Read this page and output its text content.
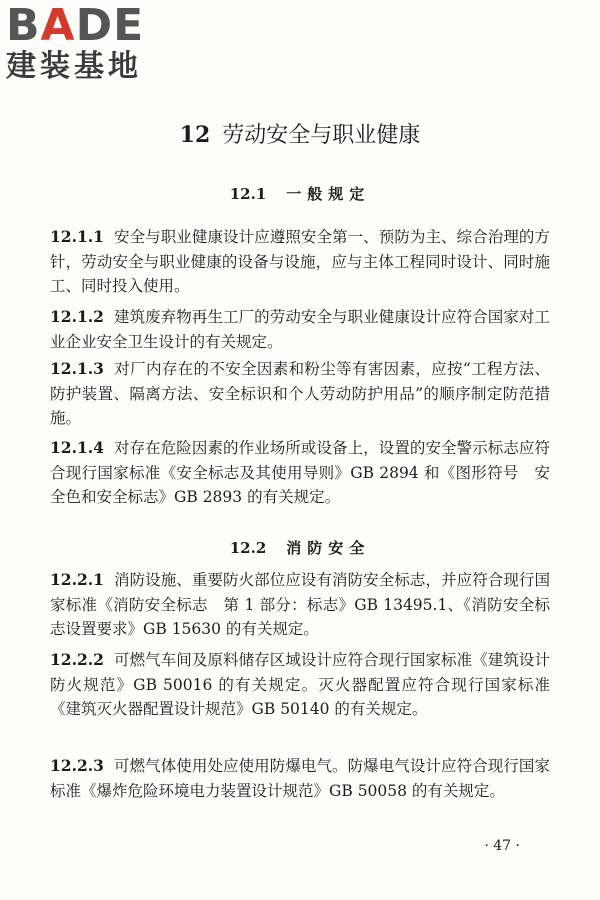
BADE
建装基地
12 劳动安全与职业健康
12.1 一般规定

12.1.1 安全与职业健康设计应遵照安全第一、预防为主、综合治理的方针，劳动安全与职业健康的设备与设施，应与主体工程同时设计、同时施工、同时投入使用。

12.1.2 建筑废弃物再生工厂的劳动安全与职业健康设计应符合国家对工业企业安全卫生设计的有关规定。

12.1.3 对厂内存在的不安全因素和粉尘等有害因素，应按“工程方法、防护装置、隔离方法、安全标识和个人劳动防护用品”的顺序制定防范措施。

12.1.4 对存在危险因素的作业场所或设备上，设置的安全警示标志应符合现行国家标准《安全标志及其使用导则》GB 2894 和《图形符号　安全色和安全标志》GB 2893 的有关规定。

12.2 消防安全

12.2.1 消防设施、重要防火部位应设有消防安全标志，并应符合现行国家标准《消防安全标志　第 1 部分：标志》GB 13495.1、《消防安全标志设置要求》GB 15630 的有关规定。

12.2.2 可燃气车间及原料储存区域设计应符合现行国家标准《建筑设计防火规范》GB 50016 的有关规定。灭火器配置应符合现行国家标准《建筑灭火器配置设计规范》GB 50140 的有关规定。

12.2.3 可燃气体使用处应使用防爆电气。防爆电气设计应符合现行国家标准《爆炸危险环境电力装置设计规范》GB 50058 的有关规定。

· 47 ·
